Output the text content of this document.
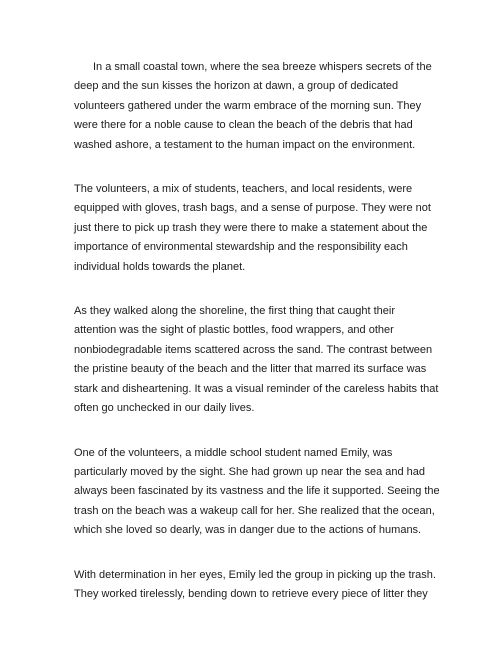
In a small coastal town, where the sea breeze whispers secrets of the
deep and the sun kisses the horizon at dawn, a group of dedicated
volunteers gathered under the warm embrace of the morning sun. They
were there for a noble cause to clean the beach of the debris that had
washed ashore, a testament to the human impact on the environment.

The volunteers, a mix of students, teachers, and local residents, were
equipped with gloves, trash bags, and a sense of purpose. They were not
just there to pick up trash they were there to make a statement about the
importance of environmental stewardship and the responsibility each
individual holds towards the planet.

As they walked along the shoreline, the first thing that caught their
attention was the sight of plastic bottles, food wrappers, and other
nonbiodegradable items scattered across the sand. The contrast between
the pristine beauty of the beach and the litter that marred its surface was
stark and disheartening. It was a visual reminder of the careless habits that
often go unchecked in our daily lives.

One of the volunteers, a middle school student named Emily, was
particularly moved by the sight. She had grown up near the sea and had
always been fascinated by its vastness and the life it supported. Seeing the
trash on the beach was a wakeup call for her. She realized that the ocean,
which she loved so dearly, was in danger due to the actions of humans.

With determination in her eyes, Emily led the group in picking up the trash.
They worked tirelessly, bending down to retrieve every piece of litter they
